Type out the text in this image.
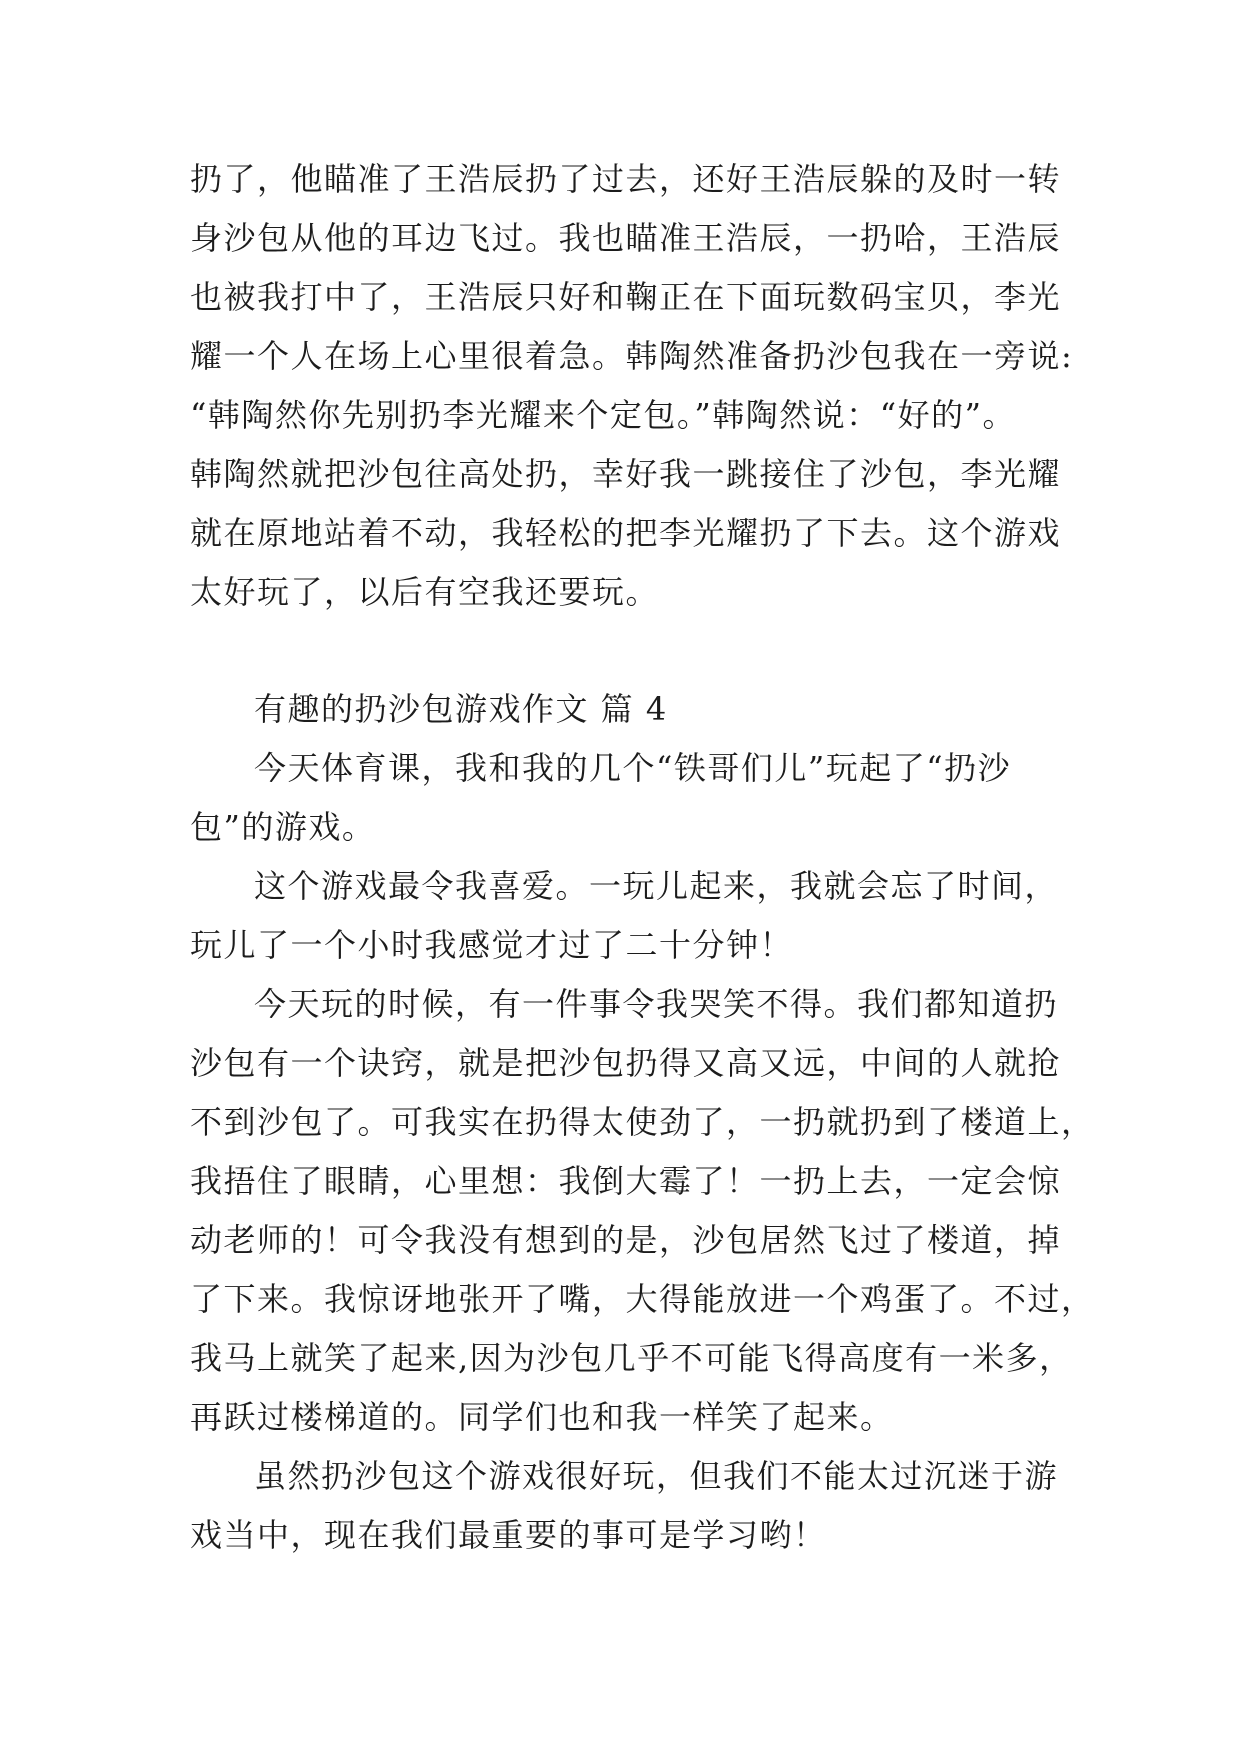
扔了，他瞄准了王浩辰扔了过去，还好王浩辰躲的及时一转
身沙包从他的耳边飞过。我也瞄准王浩辰，一扔哈，王浩辰
也被我打中了，王浩辰只好和鞠正在下面玩数码宝贝，李光
耀一个人在场上心里很着急。韩陶然准备扔沙包我在一旁说:
“韩陶然你先别扔李光耀来个定包。”韩陶然说：“好的”。
韩陶然就把沙包往高处扔，幸好我一跳接住了沙包，李光耀
就在原地站着不动，我轻松的把李光耀扔了下去。这个游戏
太好玩了，以后有空我还要玩。
有趣的扔沙包游戏作文 篇 4
今天体育课，我和我的几个“铁哥们儿”玩起了“扔沙
包”的游戏。
这个游戏最令我喜爱。一玩儿起来，我就会忘了时间，
玩儿了一个小时我感觉才过了二十分钟！
今天玩的时候，有一件事令我哭笑不得。我们都知道扔
沙包有一个诀窍，就是把沙包扔得又高又远，中间的人就抢
不到沙包了。可我实在扔得太使劲了，一扔就扔到了楼道上，
我捂住了眼睛，心里想：我倒大霉了！一扔上去，一定会惊
动老师的！可令我没有想到的是，沙包居然飞过了楼道，掉
了下来。我惊讶地张开了嘴，大得能放进一个鸡蛋了。不过，
我马上就笑了起来,因为沙包几乎不可能飞得高度有一米多，
再跃过楼梯道的。同学们也和我一样笑了起来。
虽然扔沙包这个游戏很好玩，但我们不能太过沉迷于游
戏当中，现在我们最重要的事可是学习哟！
